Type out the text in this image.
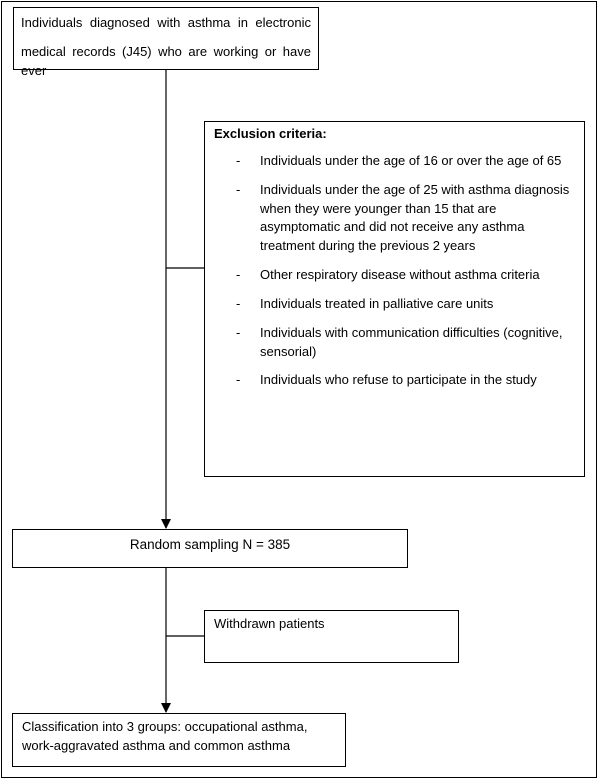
Individuals diagnosed with asthma in electronic

medical records (J45) who are working or have ever

Exclusion criteria:

- Individuals under the age of 16 or over the age of 65
- Individuals under the age of 25 with asthma diagnosis when they were younger than 15 that are asymptomatic and did not receive any asthma treatment during the previous 2 years
- Other respiratory disease without asthma criteria
- Individuals treated in palliative care units
- Individuals with communication difficulties (cognitive, sensorial)
- Individuals who refuse to participate in the study
Random sampling N = 385
Withdrawn patients
Classification into 3 groups: occupational asthma, work-aggravated asthma and common asthma
